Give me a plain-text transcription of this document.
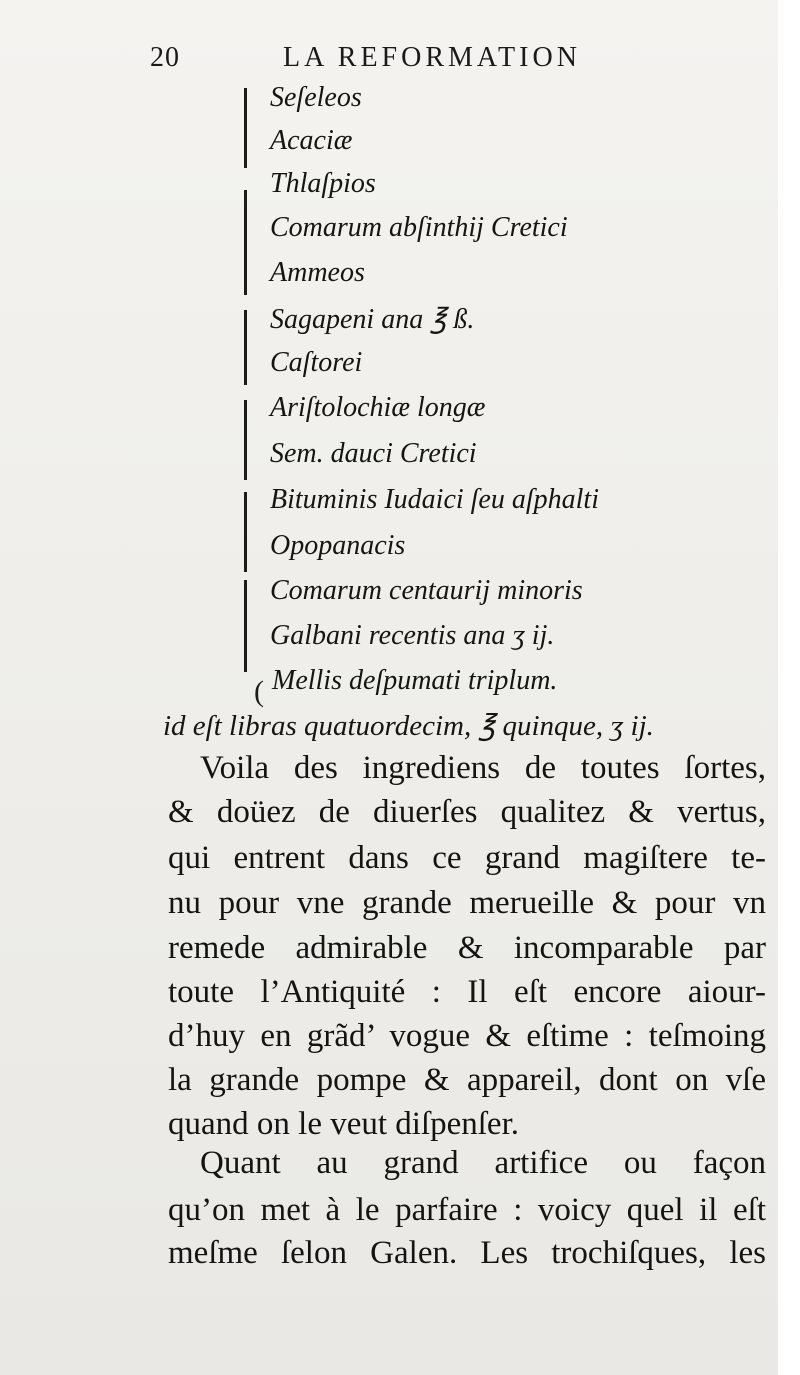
20	LA REFORMATION
Seſeleos
Acaciæ
Thlaſpios
Comarum abſinthij Cretici
Ammeos
Sagapeni ana ℥ ß.
Caſtorei
Ariſtolochiæ longæ
Sem. dauci Cretici
Bituminis Iudaici ſeu aſphalti
Opopanacis
Comarum centaurij minoris
Galbani recentis ana ʒ ij.
Mellis deſpumati triplum.
(
id eſt libras quatuordecim, ℥ quinque, ʒ ij.
Voila des ingrediens de toutes ſortes,
& doüez de diuerſes qualitez & vertus,
qui entrent dans ce grand magiſtere te-
nu pour vne grande merueille & pour vn
remede admirable & incomparable par
toute l’Antiquité : Il eſt encore aiour-
d’huy en grãd’ vogue & eſtime : teſmoing
la grande pompe & appareil, dont on vſe
quand on le veut diſpenſer.
Quant au grand artifice ou façon
qu’on met à le parfaire : voicy quel il eſt
meſme ſelon Galen. Les trochiſques, les
